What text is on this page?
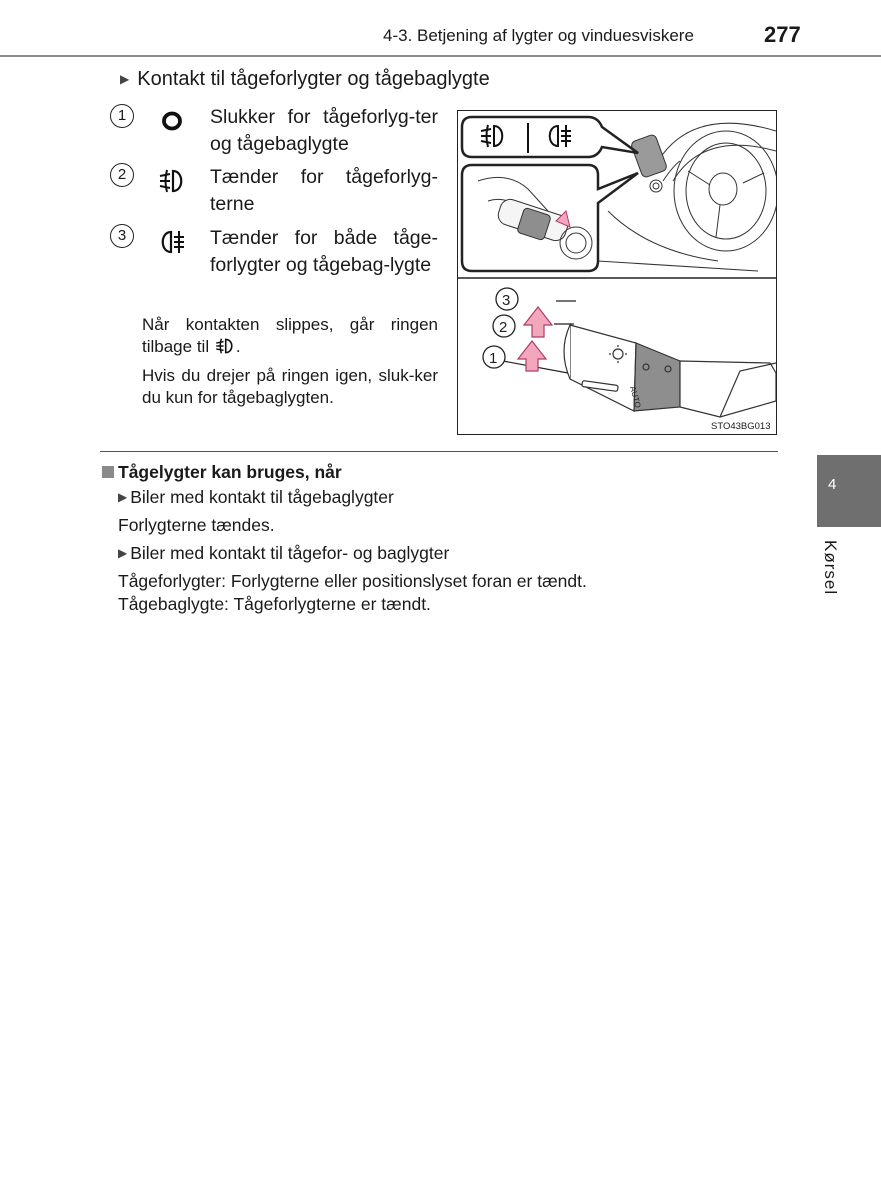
4-3. Betjening af lygter og vinduesviskere	277
▶ Kontakt til tågeforlygter og tågebaglygte
1	Slukker for tågeforlyg-ter og tågebaglygte
2	Tænder for tågeforlyg-terne
3	Tænder for både tåge-forlygter og tågebag-lygte
Når kontakten slippes, går ringen tilbage til .
Hvis du drejer på ringen igen, sluk-ker du kun for tågebaglygten.	AUTO
3
2
1
STO43BG013
Tågelygter kan bruges, når
▶ Biler med kontakt til tågebaglygter
Forlygterne tændes.
▶ Biler med kontakt til tågefor- og baglygter
Tågeforlygter: Forlygterne eller positionslyset foran er tændt.
Tågebaglygte: Tågeforlygterne er tændt.
4
Kørsel
